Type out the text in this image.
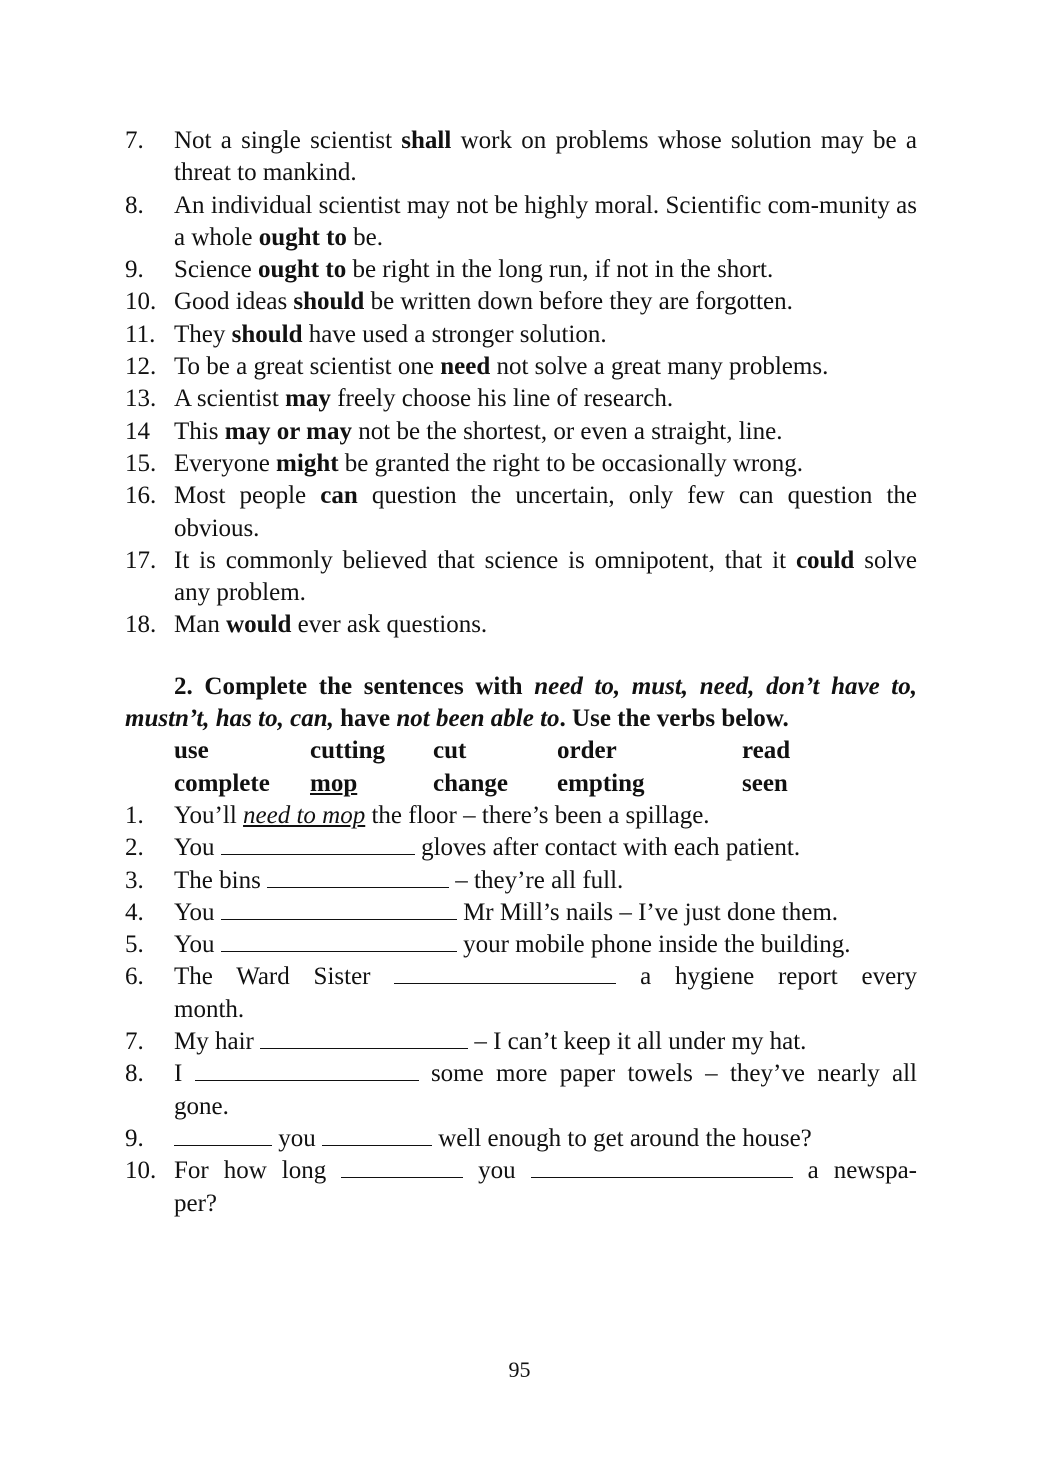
7.	Not a single scientist shall work on problems whose solution may be a threat to mankind.
8.	An individual scientist may not be highly moral. Scientific com-munity as a whole ought to be.
9.	Science ought to be right in the long run, if not in the short.
10. Good ideas should be written down before they are forgotten.
11. They should have used a stronger solution.
12. To be a great scientist one need not solve a great many problems.
13. A scientist may freely choose his line of research.
14 This may or may not be the shortest, or even a straight, line.
15. Everyone might be granted the right to be occasionally wrong.
16. Most people can question the uncertain, only few can question the obvious.
17. It is commonly believed that science is omnipotent, that it could solve any problem.
18. Man would ever ask questions.
2. Complete the sentences with need to, must, need, don’t have to, mustn’t, has to, can, have not been able to. Use the verbs below.
use	cutting	cut	order	read
complete	mop	change	empting	seen
1.	You’ll need to mop the floor – there’s been a spillage.
2.	You	gloves after contact with each patient.
3.	The bins	– they’re all full.
4.	You	Mr Mill’s nails – I’ve just done them.
5.	You	your mobile phone inside the building.
6.	The Ward Sister	a hygiene report every month.
7.	My hair	– I can’t keep it all under my hat.
8.	I	some more paper towels – they’ve nearly all gone.
9.	you	well enough to get around the house?
10. For how long	you	a newspa-per?
95
